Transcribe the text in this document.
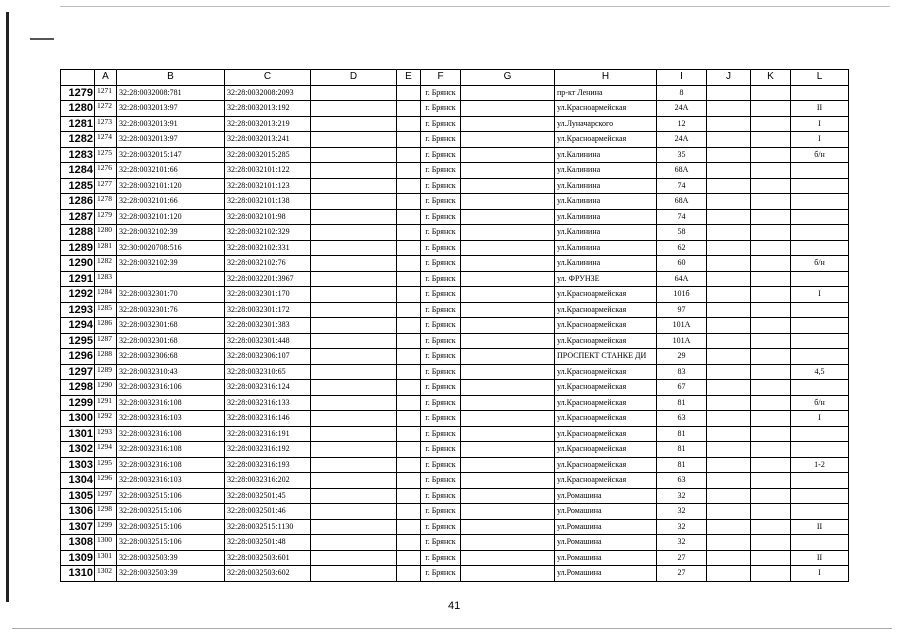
	A	B	C	D	E	F	G	H	I	J	K	L
1279	1271	32:28:0032008:781	32:28:0032008:2093			г. Брянск		пр-кт Ленина	8			
1280	1272	32:28:0032013:97	32:28:0032013:192			г. Брянск		ул.Красноармейская	24А			II
1281	1273	32:28:0032013:91	32:28:0032013:219			г. Брянск		ул.Луначарского	12			I
1282	1274	32:28:0032013:97	32:28:0032013:241			г. Брянск		ул.Красноармейская	24А			I
1283	1275	32:28:0032015:147	32:28:0032015:285			г. Брянск		ул.Калинина	35			б/н
1284	1276	32:28:0032101:66	32:28:0032101:122			г. Брянск		ул.Калинина	68А			
1285	1277	32:28:0032101:120	32:28:0032101:123			г. Брянск		ул.Калинина	74			
1286	1278	32:28:0032101:66	32:28:0032101:138			г. Брянск		ул.Калинина	68А			
1287	1279	32:28:0032101:120	32:28:0032101:98			г. Брянск		ул.Калинина	74			
1288	1280	32:28:0032102:39	32:28:0032102:329			г. Брянск		ул.Калинина	58			
1289	1281	32:30:0020708:516	32:28:0032102:331			г. Брянск		ул.Калинина	62			
1290	1282	32:28:0032102:39	32:28:0032102:76			г. Брянск		ул.Калинина	60			б/н
1291	1283		32:28:0032201:3967			г. Брянск		ул. ФРУНЗЕ	64А			
1292	1284	32:28:0032301:70	32:28:0032301:170			г. Брянск		ул.Красноармейская	101б			I
1293	1285	32:28:0032301:76	32:28:0032301:172			г. Брянск		ул.Красноармейская	97			
1294	1286	32:28:0032301:68	32:28:0032301:383			г. Брянск		ул.Красноармейская	101А			
1295	1287	32:28:0032301:68	32:28:0032301:448			г. Брянск		ул.Красноармейская	101А			
1296	1288	32:28:0032306:68	32:28:0032306:107			г. Брянск		ПРОСПЕКТ СТАНКЕ ДИ	29			
1297	1289	32:28:0032310:43	32:28:0032310:65			г. Брянск		ул.Красноармейская	83			4,5
1298	1290	32:28:0032316:106	32:28:0032316:124			г. Брянск		ул.Красноармейская	67			
1299	1291	32:28:0032316:108	32:28:0032316:133			г. Брянск		ул.Красноармейская	81			б/н
1300	1292	32:28:0032316:103	32:28:0032316:146			г. Брянск		ул.Красноармейская	63			I
1301	1293	32:28:0032316:108	32:28:0032316:191			г. Брянск		ул.Красноармейская	81			
1302	1294	32:28:0032316:108	32:28:0032316:192			г. Брянск		ул.Красноармейская	81			
1303	1295	32:28:0032316:108	32:28:0032316:193			г. Брянск		ул.Красноармейская	81			1-2
1304	1296	32:28:0032316:103	32:28:0032316:202			г. Брянск		ул.Красноармейская	63			
1305	1297	32:28:0032515:106	32:28:0032501:45			г. Брянск		ул.Ромашина	32			
1306	1298	32:28:0032515:106	32:28:0032501:46			г. Брянск		ул.Ромашина	32			
1307	1299	32:28:0032515:106	32:28:0032515:1130			г. Брянск		ул.Ромашина	32			II
1308	1300	32:28:0032515:106	32:28:0032501:48			г. Брянск		ул.Ромашина	32			
1309	1301	32:28:0032503:39	32:28:0032503:601			г. Брянск		ул.Ромашина	27			II
1310	1302	32:28:0032503:39	32:28:0032503:602			г. Брянск		ул.Ромашина	27			I
41
